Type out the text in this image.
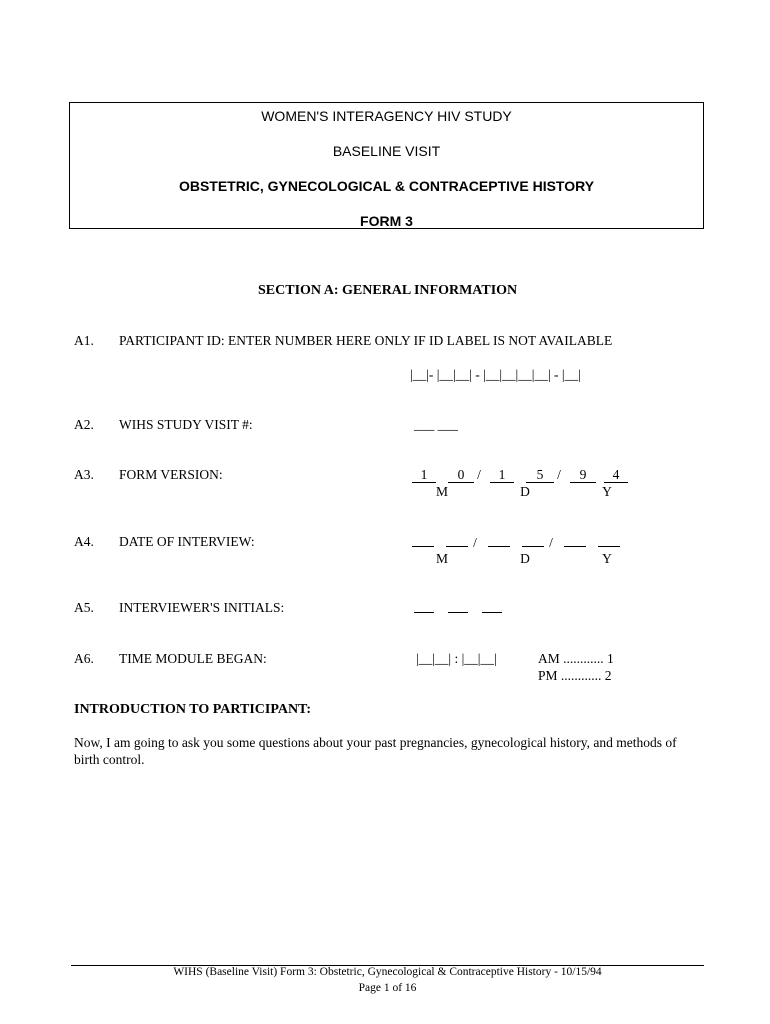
WOMEN'S INTERAGENCY HIV STUDY
BASELINE VISIT
OBSTETRIC, GYNECOLOGICAL & CONTRACEPTIVE HISTORY
FORM 3
SECTION A: GENERAL INFORMATION
A1. PARTICIPANT ID: ENTER NUMBER HERE ONLY IF ID LABEL IS NOT AVAILABLE
|__|- |__|__| - |__|__|__|__| - |__|
A2. WIHS STUDY VISIT #:	___ ___
A3. FORM VERSION:	1 0 / 1 5 / 9 4
M	D	Y
A4. DATE OF INTERVIEW:	/	/
M	D	Y
A5. INTERVIEWER'S INITIALS:
A6. TIME MODULE BEGAN:	|__|__| : |__|__|	AM ............ 1
PM ............ 2
INTRODUCTION TO PARTICIPANT:
Now, I am going to ask you some questions about your past pregnancies, gynecological history, and methods of
birth control.
WIHS (Baseline Visit) Form 3: Obstetric, Gynecological & Contraceptive History - 10/15/94
Page 1 of 16
